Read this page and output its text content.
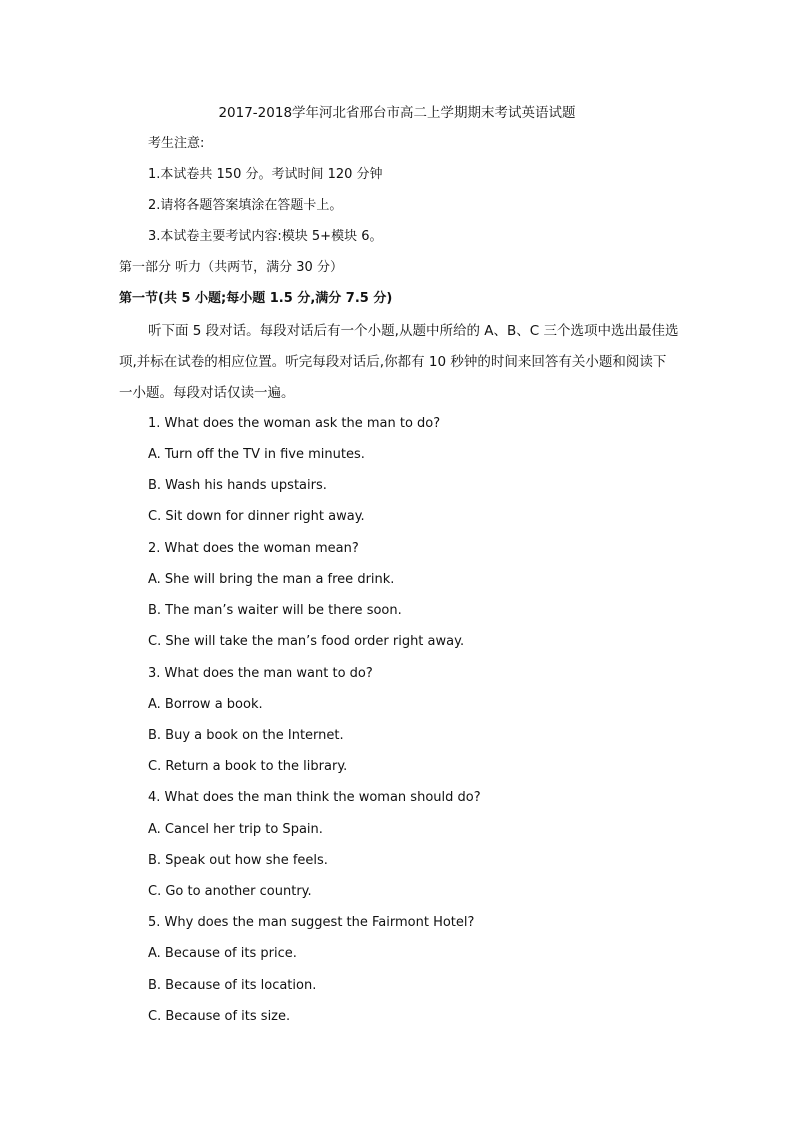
2017-2018学年河北省邢台市高二上学期期末考试英语试题
考生注意:
1.本试卷共 150 分。考试时间 120 分钟
2.请将各题答案填涂在答题卡上。
3.本试卷主要考试内容:模块 5+模块 6。
第一部分 听力（共两节，满分 30 分）
第一节(共 5 小题;每小题 1.5 分,满分 7.5 分)
听下面 5 段对话。每段对话后有一个小题,从题中所给的 A、B、C 三个选项中选出最佳选项,并标在试卷的相应位置。听完每段对话后,你都有 10 秒钟的时间来回答有关小题和阅读下一小题。每段对话仅读一遍。
1. What does the woman ask the man to do?
A. Turn off the TV in five minutes.
B. Wash his hands upstairs.
C. Sit down for dinner right away.
2. What does the woman mean?
A. She will bring the man a free drink.
B. The man’s waiter will be there soon.
C. She will take the man’s food order right away.
3. What does the man want to do?
A. Borrow a book.
B. Buy a book on the Internet.
C. Return a book to the library.
4. What does the man think the woman should do?
A. Cancel her trip to Spain.
B. Speak out how she feels.
C. Go to another country.
5. Why does the man suggest the Fairmont Hotel?
A. Because of its price.
B. Because of its location.
C. Because of its size.
